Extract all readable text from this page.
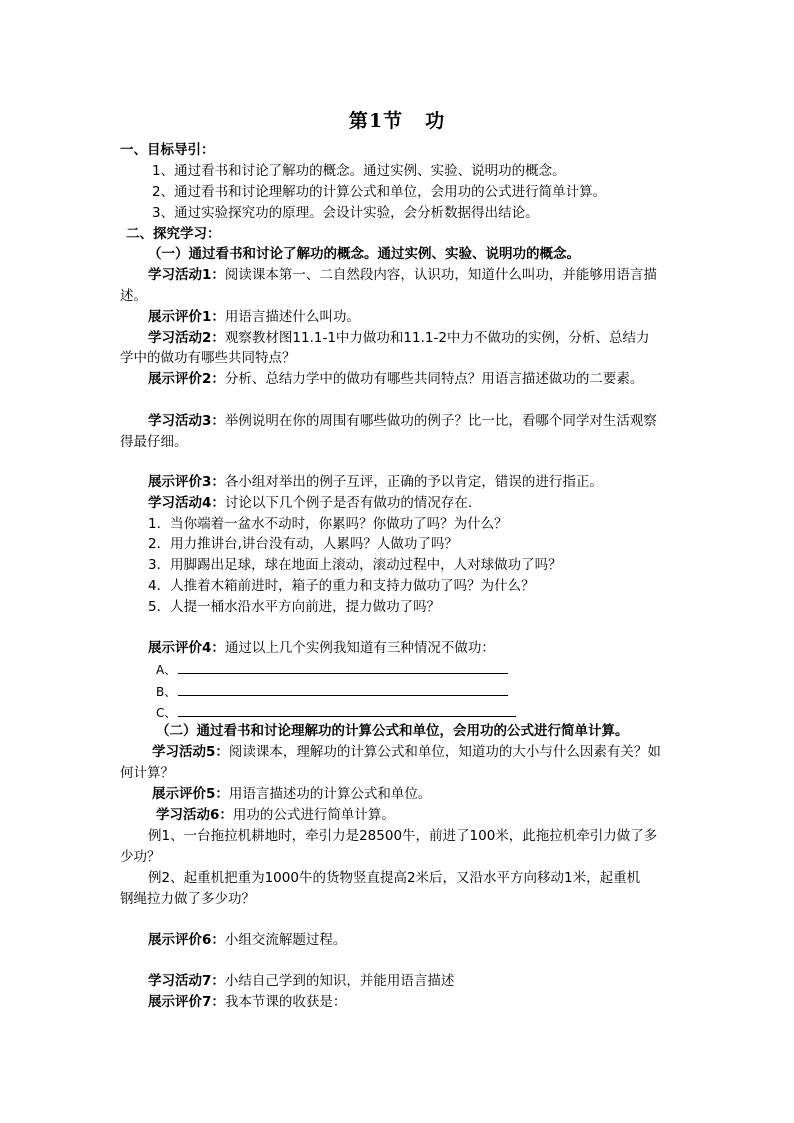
第1节 功
一、目标导引：
1、通过看书和讨论了解功的概念。通过实例、实验、说明功的概念。
2、通过看书和讨论理解功的计算公式和单位，会用功的公式进行简单计算。
3、通过实验探究功的原理。会设计实验，会分析数据得出结论。
二、探究学习：
（一）通过看书和讨论了解功的概念。通过实例、实验、说明功的概念。
学习活动1：阅读课本第一、二自然段内容，认识功，知道什么叫功，并能够用语言描
述。
展示评价1：用语言描述什么叫功。
学习活动2：观察教材图11.1-1中力做功和11.1-2中力不做功的实例，分析、总结力
学中的做功有哪些共同特点？
展示评价2：分析、总结力学中的做功有哪些共同特点？用语言描述做功的二要素。
学习活动3：举例说明在你的周围有哪些做功的例子？比一比，看哪个同学对生活观察
得最仔细。
展示评价3：各小组对举出的例子互评，正确的予以肯定，错误的进行指正。
学习活动4：讨论以下几个例子是否有做功的情况存在.
1．当你端着一盆水不动时，你累吗？你做功了吗？为什么？
2．用力推讲台,讲台没有动，人累吗？人做功了吗？
3．用脚踢出足球，球在地面上滚动，滚动过程中，人对球做功了吗？
4．人推着木箱前进时，箱子的重力和支持力做功了吗？为什么？
5．人提一桶水沿水平方向前进，提力做功了吗？
展示评价4：通过以上几个实例我知道有三种情况不做功：
A、
B、
C、
（二）通过看书和讨论理解功的计算公式和单位，会用功的公式进行简单计算。
学习活动5：阅读课本，理解功的计算公式和单位，知道功的大小与什么因素有关？如
何计算？
展示评价5：用语言描述功的计算公式和单位。
学习活动6：用功的公式进行简单计算。
例1、一台拖拉机耕地时，牵引力是28500牛，前进了100米，此拖拉机牵引力做了多
少功？
例2、起重机把重为1000牛的货物竖直提高2米后，又沿水平方向移动1米，起重机
钢绳拉力做了多少功？
展示评价6：小组交流解题过程。
学习活动7：小结自己学到的知识，并能用语言描述
展示评价7：我本节课的收获是：
